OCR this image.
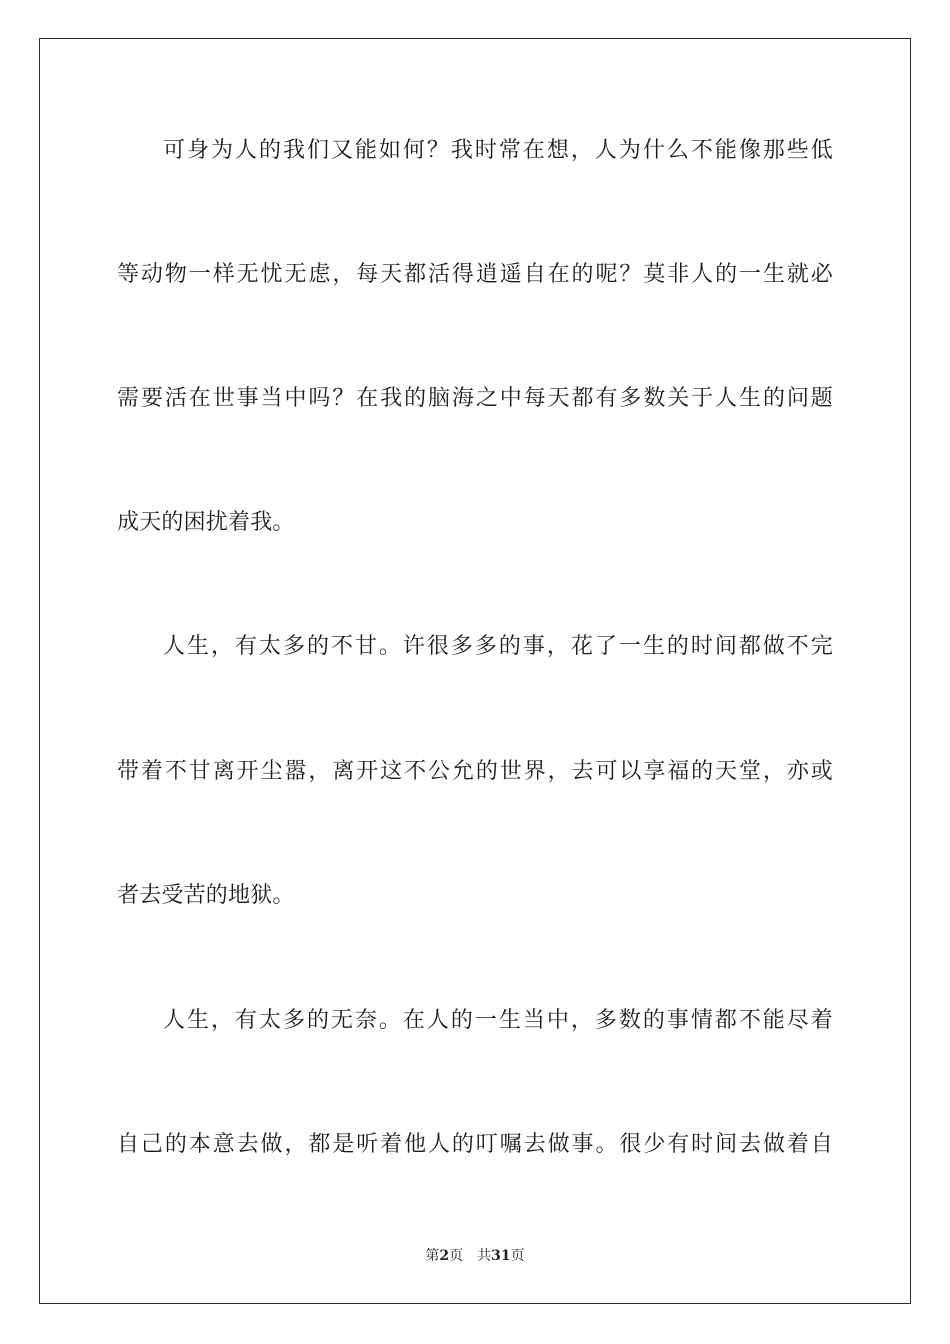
可身为人的我们又能如何？我时常在想，人为什么不能像那些低
等动物一样无忧无虑，每天都活得逍遥自在的呢？莫非人的一生就必
需要活在世事当中吗？在我的脑海之中每天都有多数关于人生的问题
成天的困扰着我。
人生，有太多的不甘。许很多多的事，花了一生的时间都做不完
带着不甘离开尘嚣，离开这不公允的世界，去可以享福的天堂，亦或
者去受苦的地狱。
人生，有太多的无奈。在人的一生当中，多数的事情都不能尽着
自己的本意去做，都是听着他人的叮嘱去做事。很少有时间去做着自
第2页 共31页
